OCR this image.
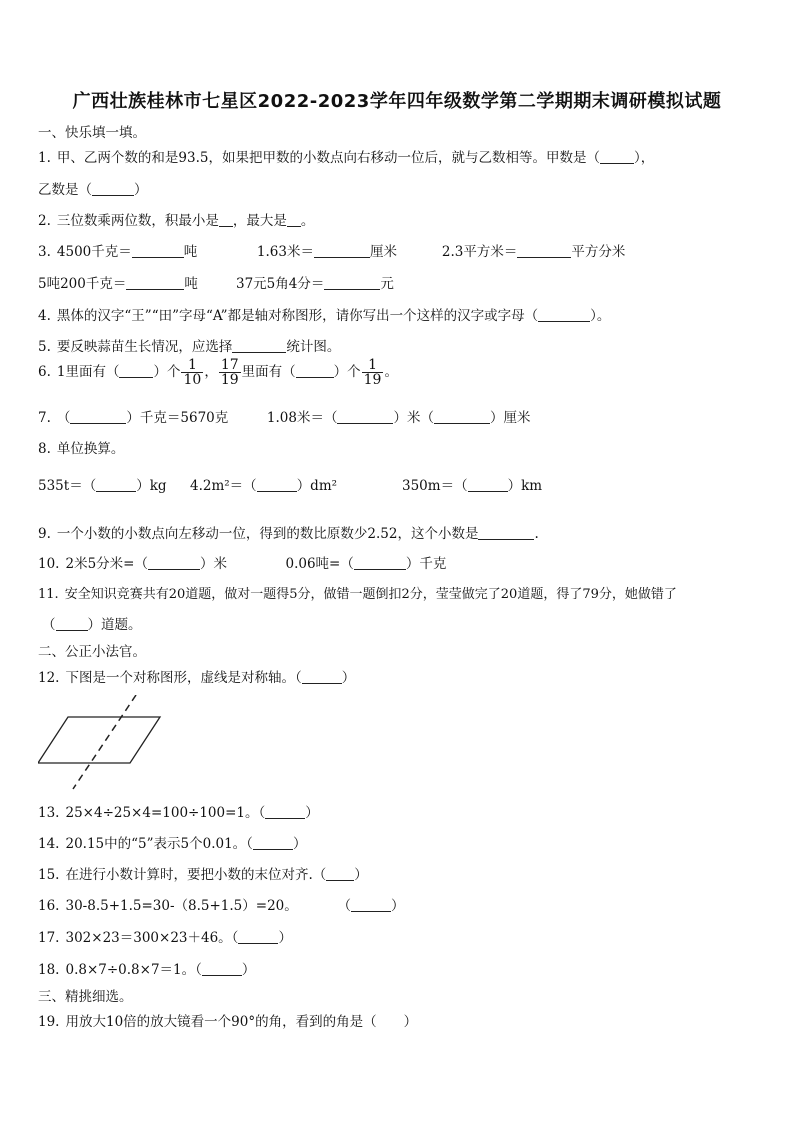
广西壮族桂林市七星区2022-2023学年四年级数学第二学期期末调研模拟试题
一、快乐填一填。
1. 甲、乙两个数的和是93.5，如果把甲数的小数点向右移动一位后，就与乙数相等。甲数是（	），
乙数是（	）
2. 三位数乘两位数，积最小是 ，最大是 。
3. 4500千克＝	吨	1.63米＝	厘米	2.3平方米＝	平方分米
5吨200千克＝	吨	37元5角4分＝	元
4. 黑体的汉字“王”“田”字母“A”都是轴对称图形，请你写出一个这样的汉字或字母（	）。
5. 要反映蒜苗生长情况，应选择	统计图。
6. 1里面有（	）个 $\frac{1}{10}$ ， $\frac{17}{19}$ 里面有（	）个 $\frac{1}{19}$ 。
7. （	）千克＝5670克	1.08米＝（	）米（	）厘米
8. 单位换算。
535t＝（	）kg 4.2m²＝（	）dm²	350m＝（	）km
9. 一个小数的小数点向左移动一位，得到的数比原数少2.52，这个小数是	.
10. 2米5分米=（	）米	0.06吨=（	）千克
11. 安全知识竞赛共有20道题，做对一题得5分，做错一题倒扣2分，莹莹做完了20道题，得了79分，她做错了
（ ）道题。
二、公正小法官。
12. 下图是一个对称图形，虚线是对称轴。（	）
13. 25×4÷25×4=100÷100=1。（	）
14. 20.15中的“5”表示5个0.01。（	）
15. 在进行小数计算时，要把小数的末位对齐.（ ）
16. 30-8.5+1.5=30-（8.5+1.5）=20。	（	）
17. 302×23＝300×23＋46。（	）
18. 0.8×7÷0.8×7＝1。（	）
三、精挑细选。
19. 用放大10倍的放大镜看一个90°的角，看到的角是（　　）
